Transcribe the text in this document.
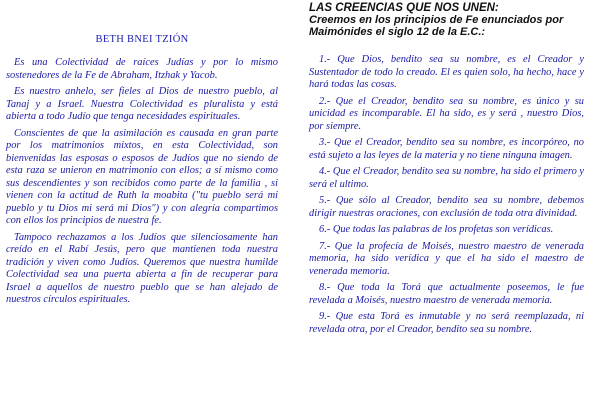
BETH BNEI TZIÓN

Es una Colectividad de raíces Judías y por lo mismo sostenedores de la Fe de Abraham, Itzhak y Yacob.

Es nuestro anhelo, ser fieles al Dios de nuestro pueblo, al Tanaj y a Israel. Nuestra Colectividad es pluralista y está abierta a todo Judío que tenga necesidades espirituales.

Conscientes de que la asimilación es causada en gran parte por los matrimonios mixtos, en esta Colectividad, son bienvenidas las esposas o esposos de Judíos que no siendo de esta raza se unieron en matrimonio con ellos; a sí mismo como sus descendientes y son recibidos como parte de la familia , si vienen con la actitud de Ruth la moabita ("tu pueblo será mi pueblo y tu Dios mi será mi Dios") y con alegría compartimos con ellos los principios de nuestra fe.

Tampoco rechazamos a los Judíos que silenciosamente han creído en el Rabí Jesús, pero que mantienen toda nuestra tradición y viven como Judíos. Queremos que nuestra humilde Colectividad sea una puerta abierta a fin de recuperar para Israel a aquellos de nuestro pueblo que se han alejado de nuestros círculos espirituales.

LAS CREENCIAS QUE NOS UNEN:
Creemos en los principios de Fe enunciados por Maimónides el siglo 12 de la E.C.:

1.- Que Dios, bendito sea su nombre, es el Creador y Sustentador de todo lo creado. El es quien solo, ha hecho, hace y hará todas las cosas.

2.- Que el Creador, bendito sea su nombre, es único y su unicidad es incomparable. El ha sido, es y será , nuestro Dios, por siempre.

3.- Que el Creador, bendito sea su nombre, es incorpóreo, no está sujeto a las leyes de la materia y no tiene ninguna imagen.

4.- Que el Creador, bendito sea su nombre, ha sido el primero y será el ultimo.

5.- Que sólo al Creador, bendito sea su nombre, debemos dirigir nuestras oraciones, con exclusión de toda otra divinidad.

6.- Que todas las palabras de los profetas son verídicas.

7.- Que la profecía de Moisés, nuestro maestro de venerada memoria, ha sido verídica y que el ha sido el maestro de venerada memoria.

8.- Que toda la Torá que actualmente poseemos, le fue revelada a Moisés, nuestro maestro de venerada memoria.

9.- Que esta Torá es inmutable y no será reemplazada, ni revelada otra, por el Creador, bendito sea su nombre.
